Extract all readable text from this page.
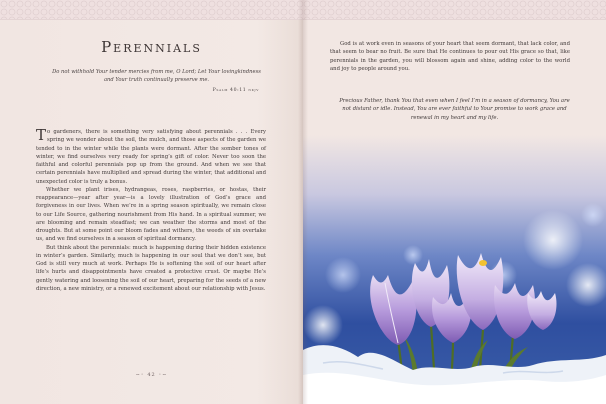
Perennials
Do not withhold Your tender mercies from me, O Lord; Let Your lovingkindness and Your truth continually preserve me.
Psalm 40:11 nkjv

To gardeners, there is something very satisfying about perennials . . . Every spring we wonder about the soil, the mulch, and those aspects of the garden we tended to in the winter while the plants were dormant. After the somber tones of winter, we find ourselves very ready for spring’s gift of color. Never too soon the faithful and colorful perennials pop up from the ground. And when we see that certain perennials have multiplied and spread during the winter, that additional and unexpected color is truly a bonus.

Whether we plant irises, hydrangeas, roses, raspberries, or hostas, their reappearance—year after year—is a lovely illustration of God’s grace and forgiveness in our lives. When we’re in a spring season spiritually, we remain close to our Life Source, gathering nourishment from His hand. In a spiritual summer, we are blooming and remain steadfast; we can weather the storms and most of the droughts. But at some point our bloom fades and withers, the weeds of sin overtake us, and we find ourselves in a season of spiritual dormancy.

But think about the perennials: much is happening during their hidden existence in winter’s garden. Similarly, much is happening in our soul that we don’t see, but God is still very much at work. Perhaps He is softening the soil of our heart after life’s hurts and disappointments have created a protective crust. Or maybe He’s gently watering and loosening the soil of our heart, preparing for the seeds of a new direction, a new ministry, or a renewed excitement about our relationship with Jesus.

∽◦ 42 ◦∼

God is at work even in seasons of your heart that seem dormant, that lack color, and that seem to bear no fruit. Be sure that He continues to pour out His grace so that, like perennials in the garden, you will blossom again and shine, adding color to the world and joy to people around you.

Precious Father, thank You that even when I feel I’m in a season of dormancy, You are not distant or idle. Instead, You are ever faithful to Your promise to work grace and renewal in my heart and my life.
